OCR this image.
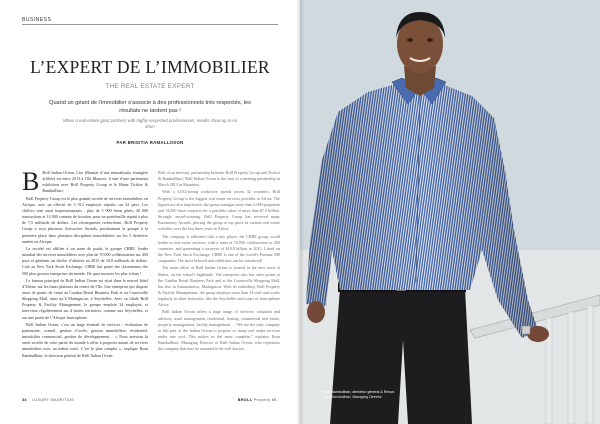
BUSINESS
L’EXPERT DE L’IMMOBILIER
THE REAL ESTATE EXPERT
Quand un géant de l’immobilier s’associe à des professionnels très respectés, les résultats ne tardent pas !
When a real estate giant partners with highly respected professionals, results show up in no time!
PAR BRISITIA RAMALLOSON

B Brill Indian Ocean, Cire (Banstar d’une mutualisatio étrangère affiliée) est entre 2013 à l’île Maurice, il met d’une partenariat exhibition avec Brill Property Group et le Bâme Tickfor & Bambullhari.

Brill Property Group est le plus grande société de services immobiliers en Afrique, avec un effectif de 3 012 employés répartis sur 32 pays. Les chiffres sont aussi impressionnants : plus de 5 000 biens gérés, 40 000 transactions et 14 000 contrats de location, pour un portefeuille réparti à plus de 7,5 milliards de dollars. Les récompenses recherchent, Brill Property Group a reçu plusieurs Acessoires Awards, positionnant la groupe à la première place dans plusieurs disciplines immobilières sur les 5 dernières années en Afrique.

La société est affiliée à un autre de poids, le groupe CBRE, leader mondial des services immobiliers avec plus de 70 000 collaborateurs sur 450 pays et générant un chiffre d’affaires en 2015 de 10,8 milliards de dollars. Coté au New York Stock Exchange, CBRE fait partie des classements des 500 plus grosses entreprises du monde. De quoi montrer les plus icônes !

Le bureau principal de Brill Indian Ocean est situé dans le nouvel hôtel d’Ebène, sur les hauts plateaux du centre de l’île. Une entreprise qui dispose aussi de points de vente au Caudan Retail Business Park et au Courtoville Shopping Mall, ainsi qu’à Madagascar, à Seychelles. Avec sa filiale Brill Property & Facility Management, le groupe emploie 34 employés, et intervient régulièrement sur d’autres territoires, comme aux Seychelles, et sur une partie de l’Afrique francophone.

Brill Indian Ocean, c’est un large éventail de services : évaluation de patrimoine, conseil, gestion d’actifs, gestion immobilière, résidentiel, immobilier commercial, gestion de développement… « Nous arrivons là seule société de cette partie du monde à offrir à proposer autant de services immobiliers avec un même suivi. C’est le plus complet », explique Ryan Bambullhari, le directeur général de Brill Indian Ocean.

Brill of an investor, partnership between Brill Property Group and Tickfor & Bambullhari, Brill Indian Ocean is the start of a meeting partnership in March 2013 in Mauritius.

With a 3,012-strong workforce spread across 32 countries, Brill Property Group is the biggest real estate services provider in Africa. The figures are also impressive: the group manages more than 5,000 properties and 14,000 lease contracts for a portfolio value of more than $7.5 billion. Strongly award-winning, Brill Property Group has received many Euromoney Awards, placing the group at top place in various real estate activities over the last three years in Africa.

The company is affiliated with a key player, the CBRE group, world leader in real estate services, with a team of 70,000 collaborators in 450 countries, and generating a turnover of $10.8 billion in 2015. Listed on the New York Stock Exchange, CBRE is one of the world’s Fortune 500 companies. The most beloved and celebrities can be convinced!

The main office of Brill Indian Ocean is located in the new town of Ebène, on the island’s highlands. The enterprise also has sales points at the Caudan Retail Business Park and at the Courtoville Shopping Mall, but also in Antananarivo, Madagascar. With its subsidiary, Brill Property & Facility Management, the group employs more than 34 staff and works regularly in other territories, like the Seychelles and a part of francophone Africa.

Brill Indian Ocean offers a large range of services: valuation and advisory, asset management, residential, leasing, commercial real estate, property management, facility management… “We are the only company in this part of the Indian Ocean to propose so many real estate services under one roof. This makes us the most complete,” explains Ryan Bambullhari, Managing Director of Brill Indian Ocean, who represents the company that may be assumed to be well known.

34 LUXURY MAURITIUS	BROLL Property Mt.
Ryan Bambullhari, directeur général & Revue.
Ryan Bambullhari, Managing Director.
